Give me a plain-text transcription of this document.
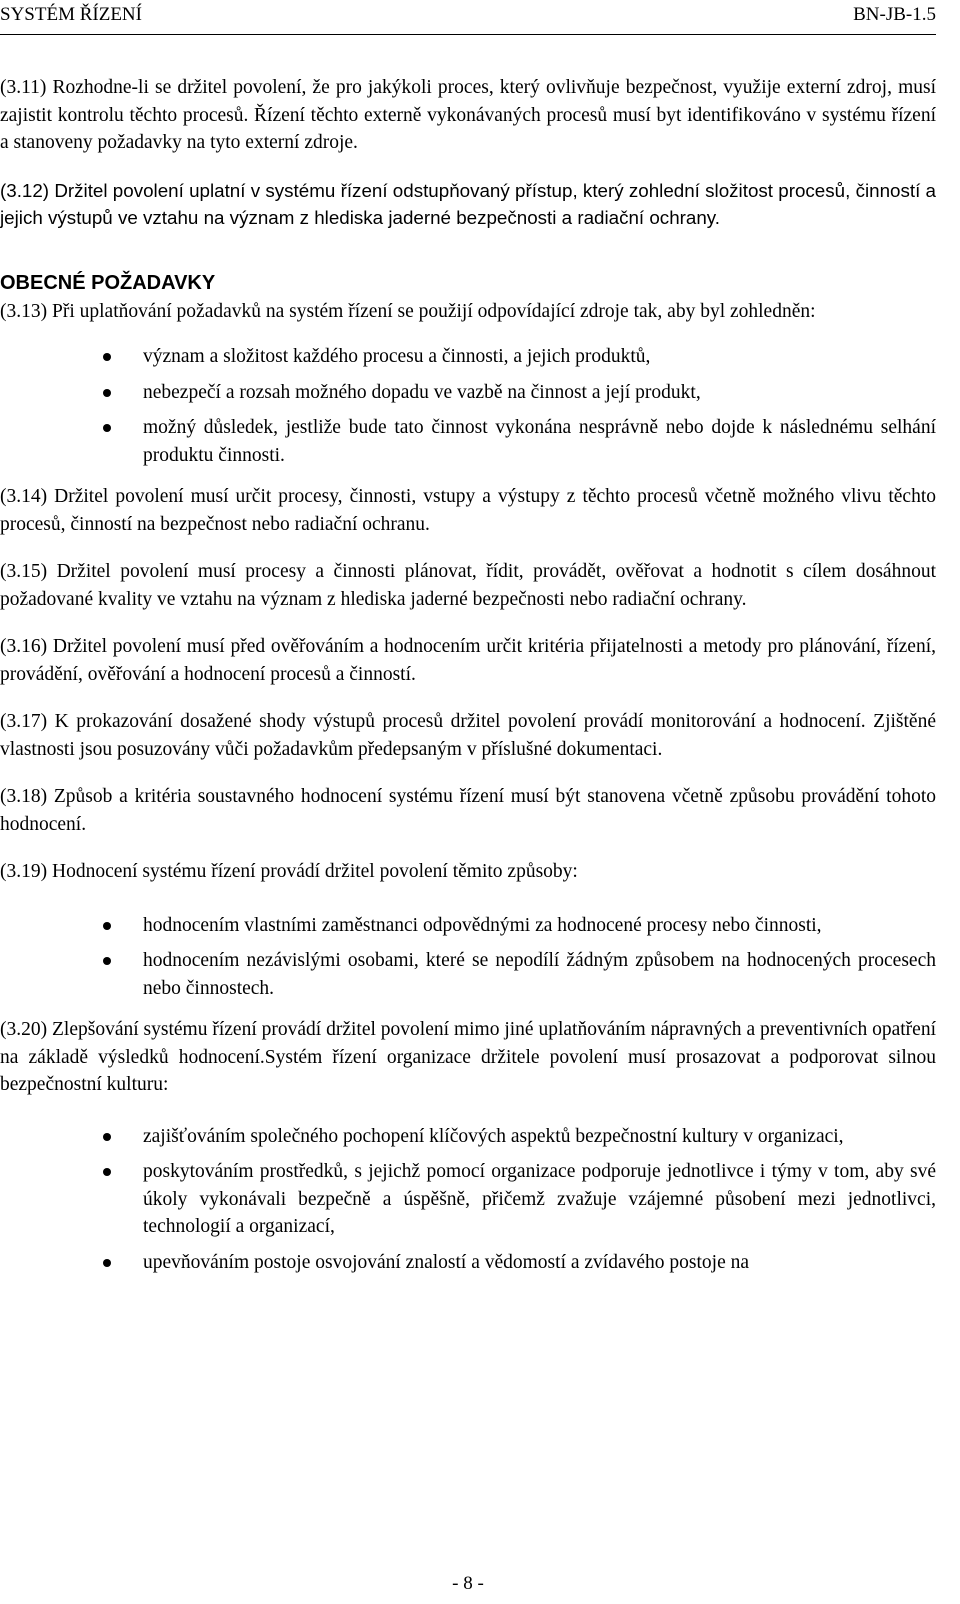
SYSTÉM ŘÍZENÍ	BN-JB-1.5

(3.11) Rozhodne-li se držitel povolení, že pro jakýkoli proces, který ovlivňuje bezpečnost, využije externí zdroj, musí zajistit kontrolu těchto procesů. Řízení těchto externě vykonávaných procesů musí byt identifikováno v systému řízení a stanoveny požadavky na tyto externí zdroje.

(3.12) Držitel povolení uplatní v systému řízení odstupňovaný přístup, který zohlední složitost procesů, činností a jejich výstupů ve vztahu na význam z hlediska jaderné bezpečnosti a radiační ochrany.

OBECNÉ POŽADAVKY

(3.13) Při uplatňování požadavků na systém řízení se použijí odpovídající zdroje tak, aby byl zohledněn:

význam a složitost každého procesu a činnosti, a jejich produktů,
nebezpečí a rozsah možného dopadu ve vazbě na činnost a její produkt,
možný důsledek, jestliže bude tato činnost vykonána nesprávně nebo dojde k následnému selhání produktu činnosti.

(3.14) Držitel povolení musí určit procesy, činnosti, vstupy a výstupy z těchto procesů včetně možného vlivu těchto procesů, činností na bezpečnost nebo radiační ochranu.

(3.15) Držitel povolení musí procesy a činnosti plánovat, řídit, provádět, ověřovat a hodnotit s cílem dosáhnout požadované kvality ve vztahu na význam z hlediska jaderné bezpečnosti nebo radiační ochrany.

(3.16) Držitel povolení musí před ověřováním a hodnocením určit kritéria přijatelnosti a metody pro plánování, řízení, provádění, ověřování a hodnocení procesů a činností.

(3.17) K prokazování dosažené shody výstupů procesů držitel povolení provádí monitorování a hodnocení. Zjištěné vlastnosti jsou posuzovány vůči požadavkům předepsaným v příslušné dokumentaci.

(3.18) Způsob a kritéria soustavného hodnocení systému řízení musí být stanovena včetně způsobu provádění tohoto hodnocení.

(3.19) Hodnocení systému řízení provádí držitel povolení těmito způsoby:

hodnocením vlastními zaměstnanci odpovědnými za hodnocené procesy nebo činnosti,
hodnocením nezávislými osobami, které se nepodílí žádným způsobem na hodnocených procesech nebo činnostech.

(3.20) Zlepšování systému řízení provádí držitel povolení mimo jiné uplatňováním nápravných a preventivních opatření na základě výsledků hodnocení.Systém řízení organizace držitele povolení musí prosazovat a podporovat silnou bezpečnostní kulturu:

zajišťováním společného pochopení klíčových aspektů bezpečnostní kultury v organizaci,
poskytováním prostředků, s jejichž pomocí organizace podporuje jednotlivce i týmy v tom, aby své úkoly vykonávali bezpečně a úspěšně, přičemž zvažuje vzájemné působení mezi jednotlivci, technologií a organizací,
upevňováním postoje osvojování znalostí a vědomostí a zvídavého postoje na
- 8 -
